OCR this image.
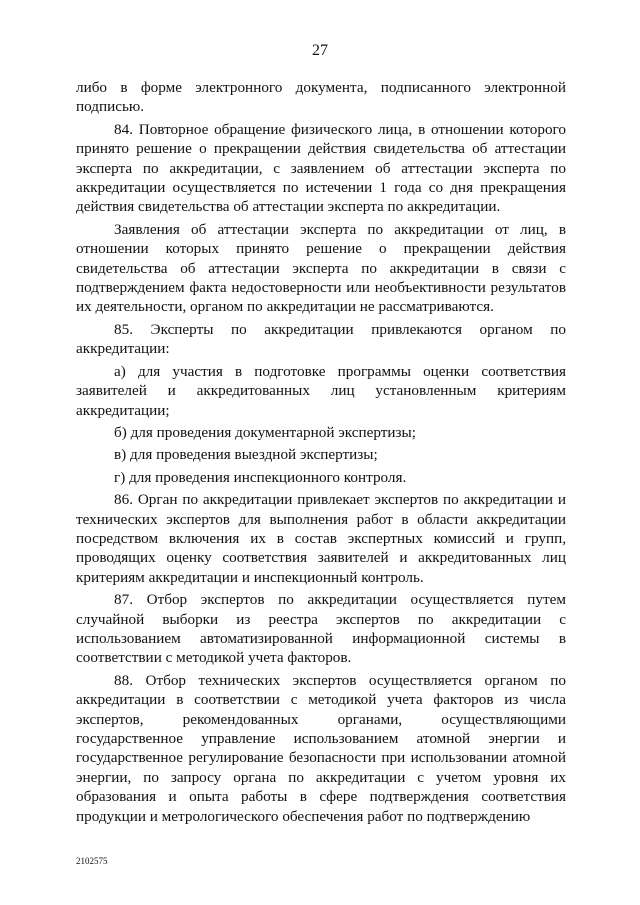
27

либо в форме электронного документа, подписанного электронной подписью.

84. Повторное обращение физического лица, в отношении которого принято решение о прекращении действия свидетельства об аттестации эксперта по аккредитации, с заявлением об аттестации эксперта по аккредитации осуществляется по истечении 1 года со дня прекращения действия свидетельства об аттестации эксперта по аккредитации.

Заявления об аттестации эксперта по аккредитации от лиц, в отношении которых принято решение о прекращении действия свидетельства об аттестации эксперта по аккредитации в связи с подтверждением факта недостоверности или необъективности результатов их деятельности, органом по аккредитации не рассматриваются.

85. Эксперты по аккредитации привлекаются органом по аккредитации:

а) для участия в подготовке программы оценки соответствия заявителей и аккредитованных лиц установленным критериям аккредитации;

б) для проведения документарной экспертизы;

в) для проведения выездной экспертизы;

г) для проведения инспекционного контроля.

86. Орган по аккредитации привлекает экспертов по аккредитации и технических экспертов для выполнения работ в области аккредитации посредством включения их в состав экспертных комиссий и групп, проводящих оценку соответствия заявителей и аккредитованных лиц критериям аккредитации и инспекционный контроль.

87. Отбор экспертов по аккредитации осуществляется путем случайной выборки из реестра экспертов по аккредитации с использованием автоматизированной информационной системы в соответствии с методикой учета факторов.

88. Отбор технических экспертов осуществляется органом по аккредитации в соответствии с методикой учета факторов из числа экспертов, рекомендованных органами, осуществляющими государственное управление использованием атомной энергии и государственное регулирование безопасности при использовании атомной энергии, по запросу органа по аккредитации с учетом уровня их образования и опыта работы в сфере подтверждения соответствия продукции и метрологического обеспечения работ по подтверждению

2102575
